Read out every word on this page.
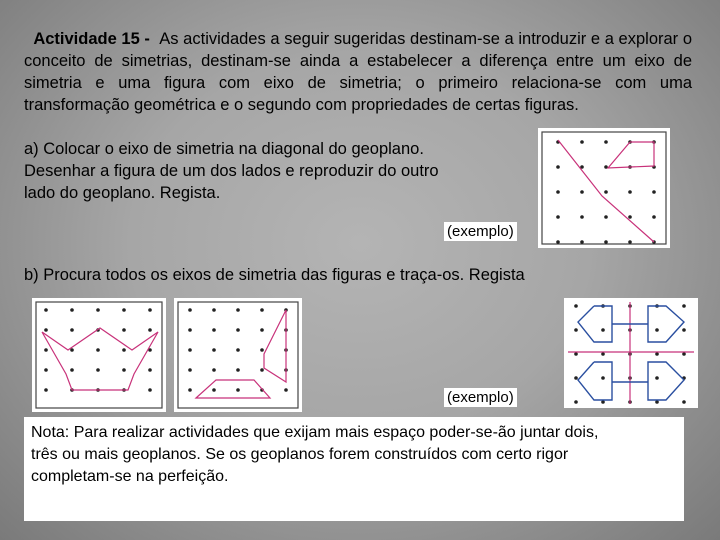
Actividade 15 - As actividades a seguir sugeridas destinam-se a introduzir e a explorar o conceito de simetrias, destinam-se ainda a estabelecer a diferença entre um eixo de simetria e uma figura com eixo de simetria; o primeiro relaciona-se com uma transformação geométrica e o segundo com propriedades de certas figuras.
a) Colocar o eixo de simetria na diagonal do geoplano.
Desenhar a figura de um dos lados e reproduzir do outro
lado do geoplano. Regista.
(exemplo)
b) Procura todos os eixos de simetria das figuras e traça-os. Regista
(exemplo)
Nota: Para realizar actividades que exijam mais espaço poder-se-ão juntar dois,
três ou mais geoplanos. Se os geoplanos forem construídos com certo rigor
completam-se na perfeição.
